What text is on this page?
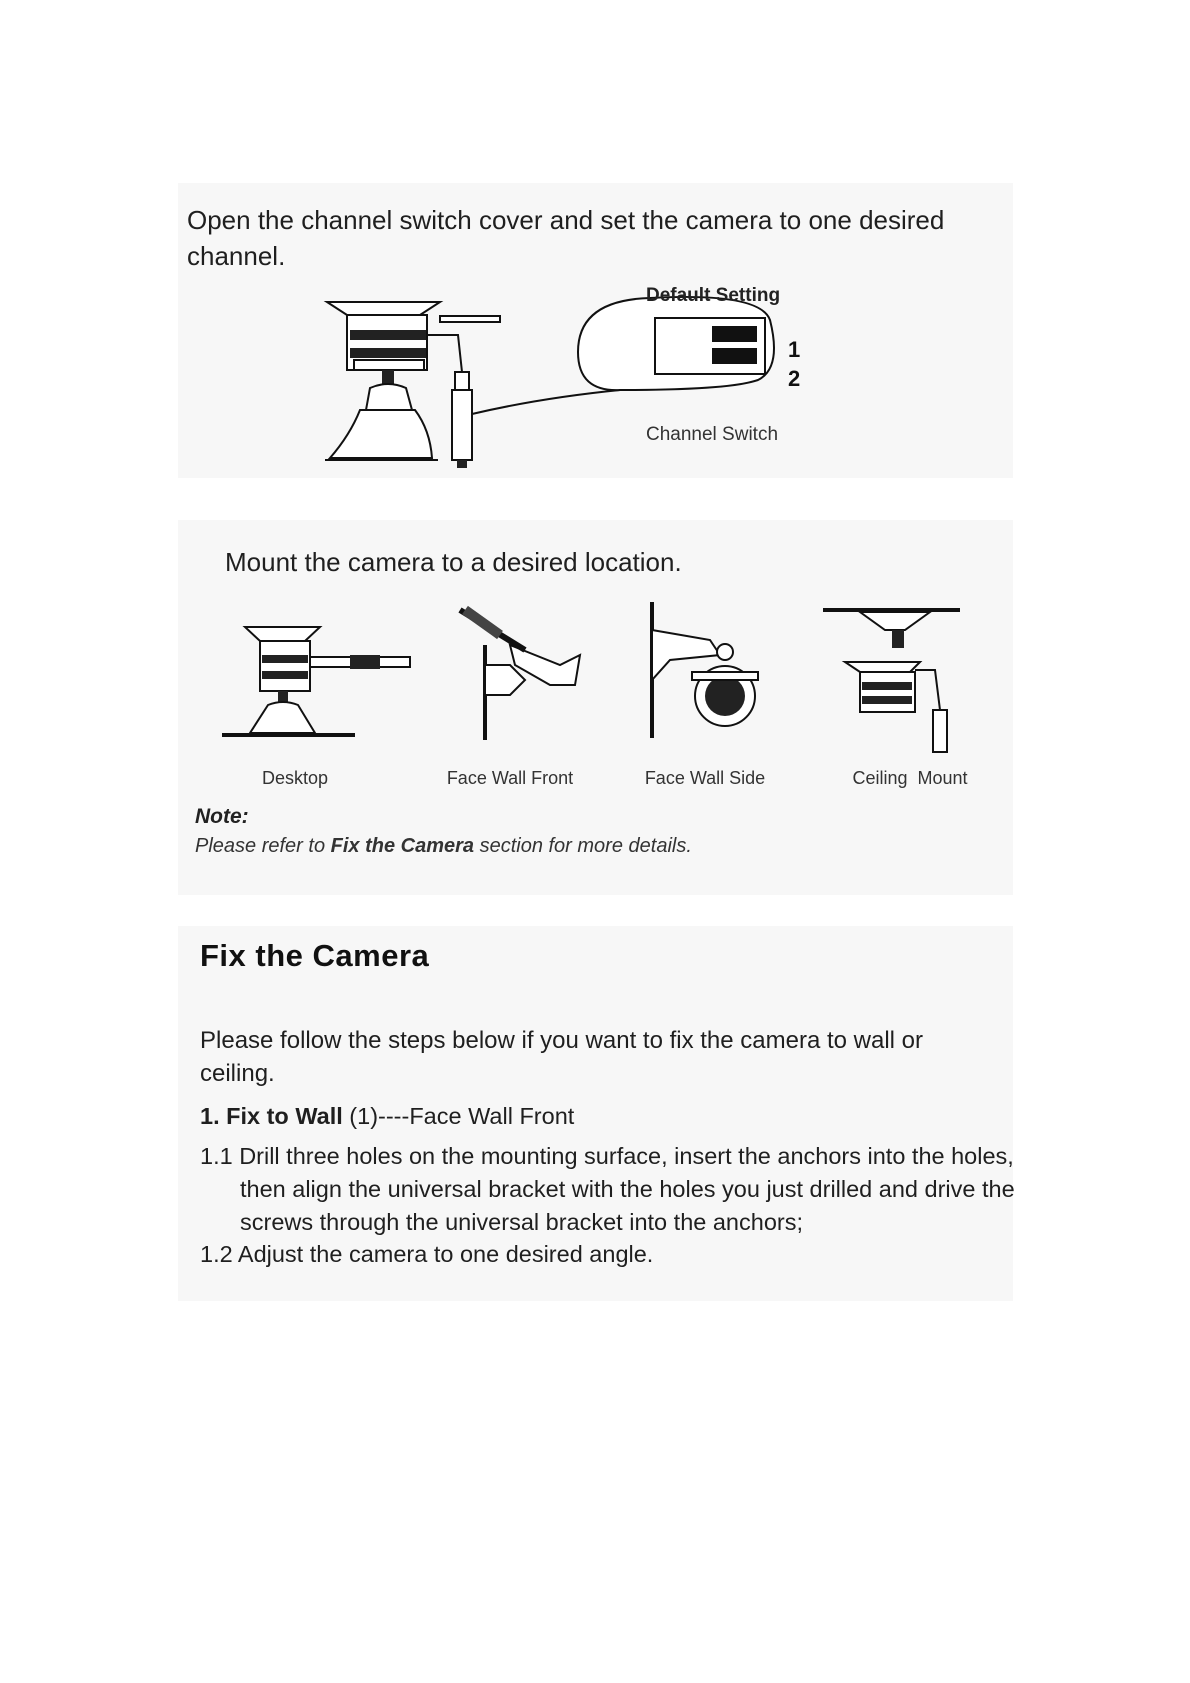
Open the channel switch cover and set the camera to one desired channel.
Default Setting
1
2
Channel Switch
Mount the camera to a desired location.
Desktop	Face Wall Front	Face Wall Side	Ceiling  Mount
Note:
Please refer to Fix the Camera section for more details.
Fix the Camera
Please follow the steps below if you want to fix the camera to wall or ceiling.
1. Fix to Wall (1)----Face Wall Front
1.1 Drill three holes on the mounting surface, insert the anchors into the holes, then align the universal bracket with the holes you just drilled and drive the screws through the universal bracket into the anchors;
1.2 Adjust the camera to one desired angle.
